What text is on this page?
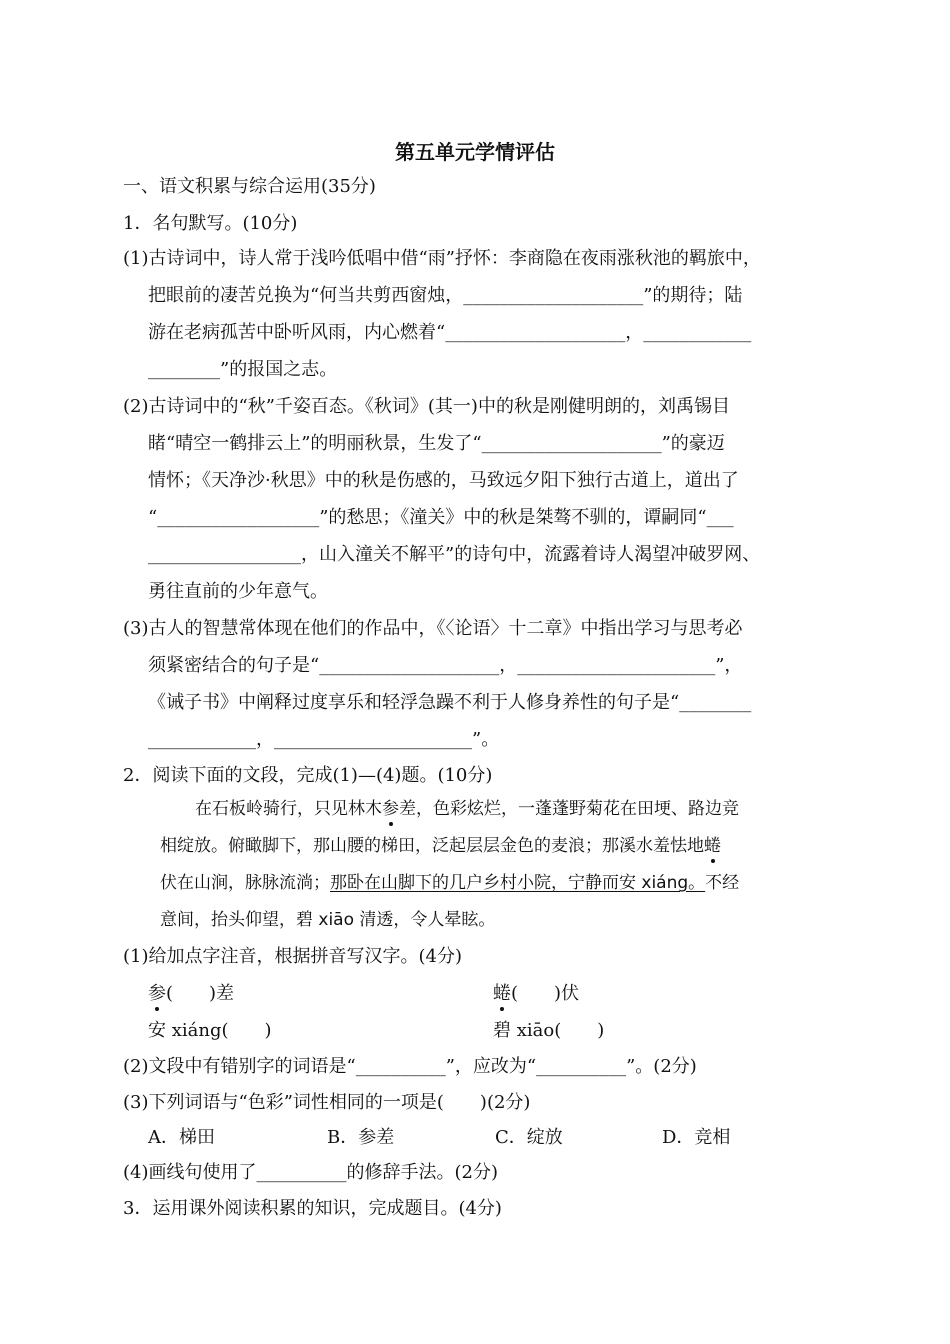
第五单元学情评估
一、语文积累与综合运用(35分)
1．名句默写。(10分)
(1)古诗词中，诗人常于浅吟低唱中借“雨”抒怀：李商隐在夜雨涨秋池的羁旅中，
把眼前的凄苦兑换为“何当共剪西窗烛，____________________”的期待；陆
游在老病孤苦中卧听风雨，内心燃着“____________________，____________
________”的报国之志。
(2)古诗词中的“秋”千姿百态。《秋词》(其一)中的秋是刚健明朗的，刘禹锡目
睹“晴空一鹤排云上”的明丽秋景，生发了“____________________”的豪迈
情怀；《天净沙·秋思》中的秋是伤感的，马致远夕阳下独行古道上，道出了
“__________________”的愁思；《潼关》中的秋是桀骜不驯的，谭嗣同“___
_________________，山入潼关不解平”的诗句中，流露着诗人渴望冲破罗网、
勇往直前的少年意气。
(3)古人的智慧常体现在他们的作品中，《〈论语〉十二章》中指出学习与思考必
须紧密结合的句子是“____________________，______________________”，
《诫子书》中阐释过度享乐和轻浮急躁不利于人修身养性的句子是“________
____________，______________________”。
2．阅读下面的文段，完成(1)—(4)题。(10分)
在石板岭骑行，只见林木参差，色彩炫烂，一蓬蓬野菊花在田埂、路边竞
相绽放。俯瞰脚下，那山腰的梯田，泛起层层金色的麦浪；那溪水羞怯地蜷
伏在山涧，脉脉流淌；那卧在山脚下的几户乡村小院，宁静而安 xiáng。不经
意间，抬头仰望，碧 xiāo 清透，令人晕眩。
(1)给加点字注音，根据拼音写汉字。(4分)
参(　　)差	蜷(　　)伏
安 xiáng(　　)	碧 xiāo(　　)
(2)文段中有错别字的词语是“__________”，应改为“__________”。(2分)
(3)下列词语与“色彩”词性相同的一项是(　　)(2分)
A．梯田	B．参差	C．绽放	D．竞相
(4)画线句使用了__________的修辞手法。(2分)
3．运用课外阅读积累的知识，完成题目。(4分)
